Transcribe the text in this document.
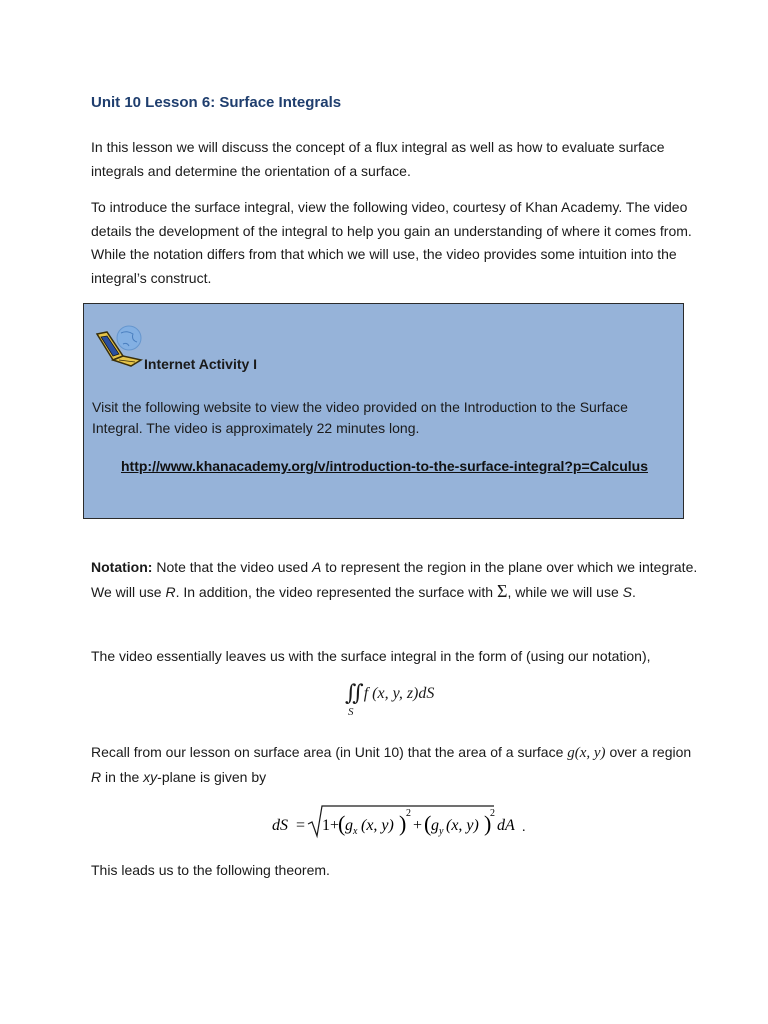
Unit 10 Lesson 6: Surface Integrals
In this lesson we will discuss the concept of a flux integral as well as how to evaluate surface integrals and determine the orientation of a surface.
To introduce the surface integral, view the following video, courtesy of Khan Academy. The video details the development of the integral to help you gain an understanding of where it comes from. While the notation differs from that which we will use, the video provides some intuition into the integral’s construct.
Internet Activity I
Visit the following website to view the video provided on the Introduction to the Surface Integral. The video is approximately 22 minutes long.
http://www.khanacademy.org/v/introduction-to-the-surface-integral?p=Calculus
Notation: Note that the video used A to represent the region in the plane over which we integrate. We will use R. In addition, the video represented the surface with Σ, while we will use S.
The video essentially leaves us with the surface integral in the form of (using our notation),
∬f (x, y, z)dS
S
Recall from our lesson on surface area (in Unit 10) that the area of a surface g(x, y) over a region R in the xy-plane is given by
dS = 1+
( g x (x, y) ) 2
+ ( g y (x, y) )
2
dA .
This leads us to the following theorem.
